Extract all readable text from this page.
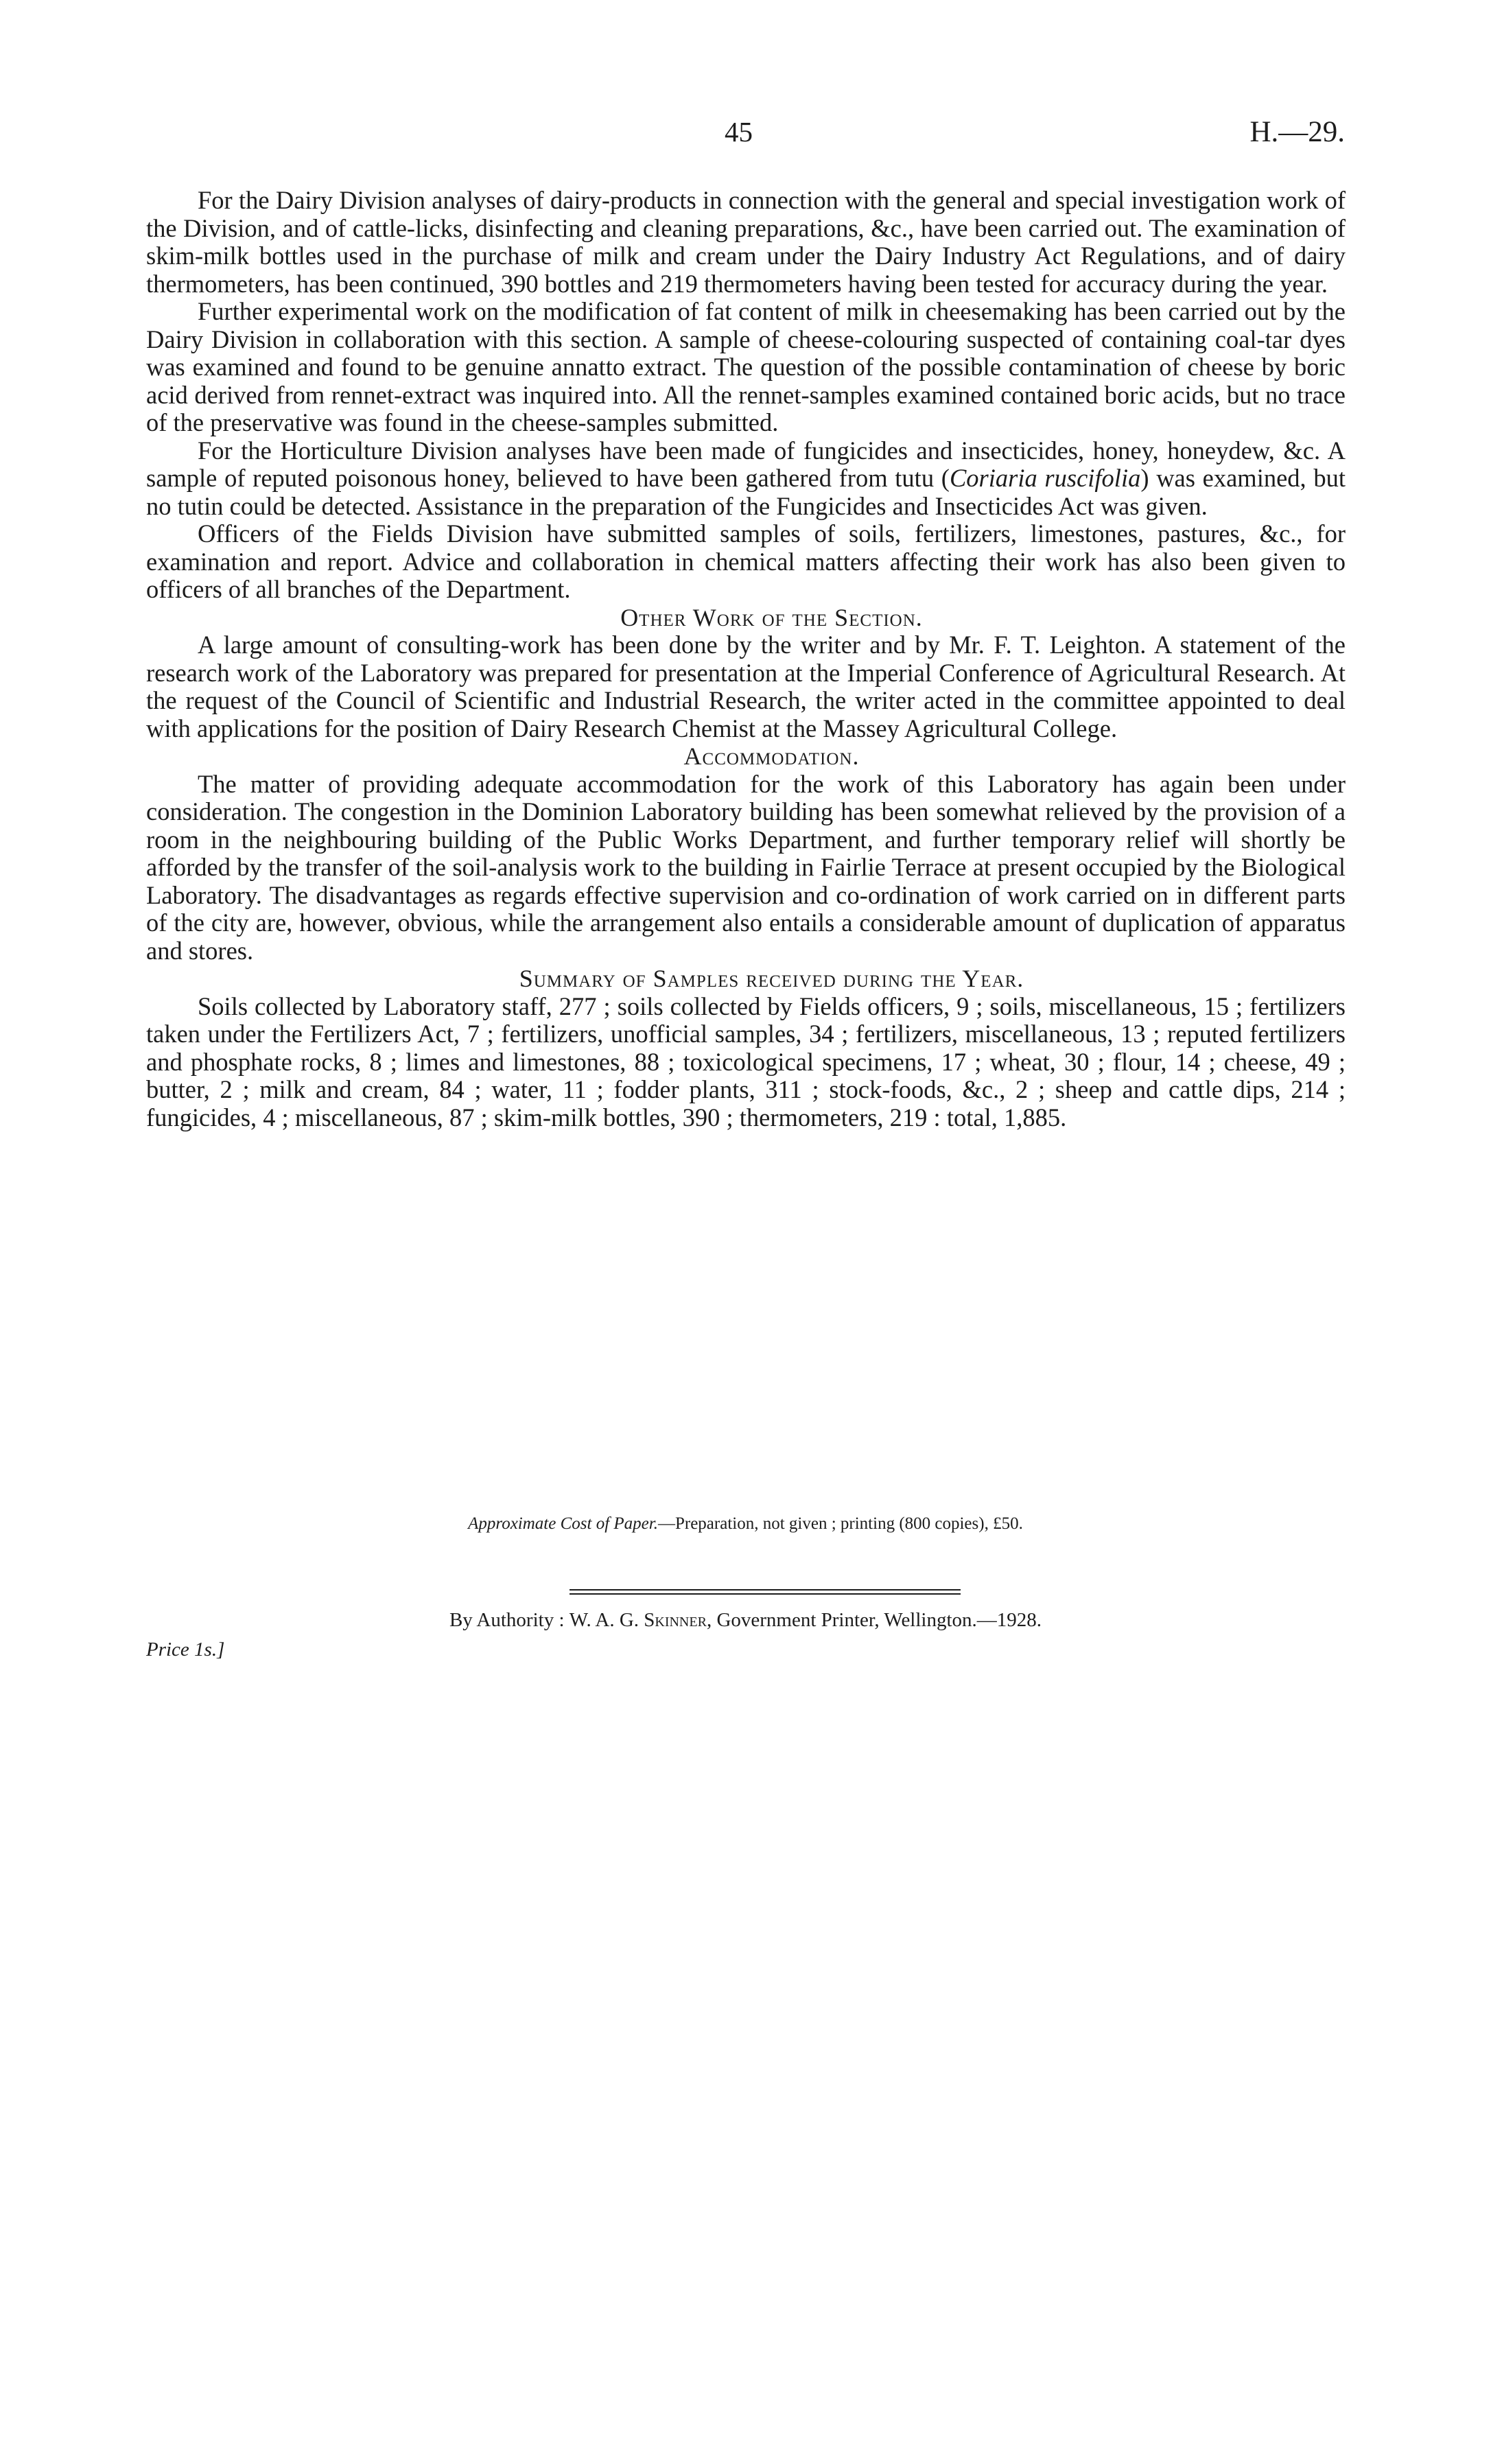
45	H.—29.

For the Dairy Division analyses of dairy-products in connection with the general and special investigation work of the Division, and of cattle-licks, disinfecting and cleaning preparations, &c., have been carried out. The examination of skim-milk bottles used in the purchase of milk and cream under the Dairy Industry Act Regulations, and of dairy thermometers, has been continued, 390 bottles and 219 thermometers having been tested for accuracy during the year.

Further experimental work on the modification of fat content of milk in cheesemaking has been carried out by the Dairy Division in collaboration with this section. A sample of cheese-colouring suspected of containing coal-tar dyes was examined and found to be genuine annatto extract. The question of the possible contamination of cheese by boric acid derived from rennet-extract was inquired into. All the rennet-samples examined contained boric acids, but no trace of the preservative was found in the cheese-samples submitted.

For the Horticulture Division analyses have been made of fungicides and insecticides, honey, honeydew, &c. A sample of reputed poisonous honey, believed to have been gathered from tutu (Coriaria ruscifolia) was examined, but no tutin could be detected. Assistance in the preparation of the Fungicides and Insecticides Act was given.

Officers of the Fields Division have submitted samples of soils, fertilizers, limestones, pastures, &c., for examination and report. Advice and collaboration in chemical matters affecting their work has also been given to officers of all branches of the Department.

Other Work of the Section.

A large amount of consulting-work has been done by the writer and by Mr. F. T. Leighton. A statement of the research work of the Laboratory was prepared for presentation at the Imperial Conference of Agricultural Research. At the request of the Council of Scientific and Industrial Research, the writer acted in the committee appointed to deal with applications for the position of Dairy Research Chemist at the Massey Agricultural College.

Accommodation.

The matter of providing adequate accommodation for the work of this Laboratory has again been under consideration. The congestion in the Dominion Laboratory building has been somewhat relieved by the provision of a room in the neighbouring building of the Public Works Department, and further temporary relief will shortly be afforded by the transfer of the soil-analysis work to the building in Fairlie Terrace at present occupied by the Biological Laboratory. The disadvantages as regards effective supervision and co-ordination of work carried on in different parts of the city are, however, obvious, while the arrangement also entails a considerable amount of duplication of apparatus and stores.

Summary of Samples received during the Year.

Soils collected by Laboratory staff, 277 ; soils collected by Fields officers, 9 ; soils, miscellaneous, 15 ; fertilizers taken under the Fertilizers Act, 7 ; fertilizers, unofficial samples, 34 ; fertilizers, miscellaneous, 13 ; reputed fertilizers and phosphate rocks, 8 ; limes and limestones, 88 ; toxicological specimens, 17 ; wheat, 30 ; flour, 14 ; cheese, 49 ; butter, 2 ; milk and cream, 84 ; water, 11 ; fodder plants, 311 ; stock-foods, &c., 2 ; sheep and cattle dips, 214 ; fungicides, 4 ; miscellaneous, 87 ; skim-milk bottles, 390 ; thermometers, 219 : total, 1,885.

Approximate Cost of Paper.—Preparation, not given ; printing (800 copies), £50.
By Authority : W. A. G. Skinner, Government Printer, Wellington.—1928.
Price 1s.]
